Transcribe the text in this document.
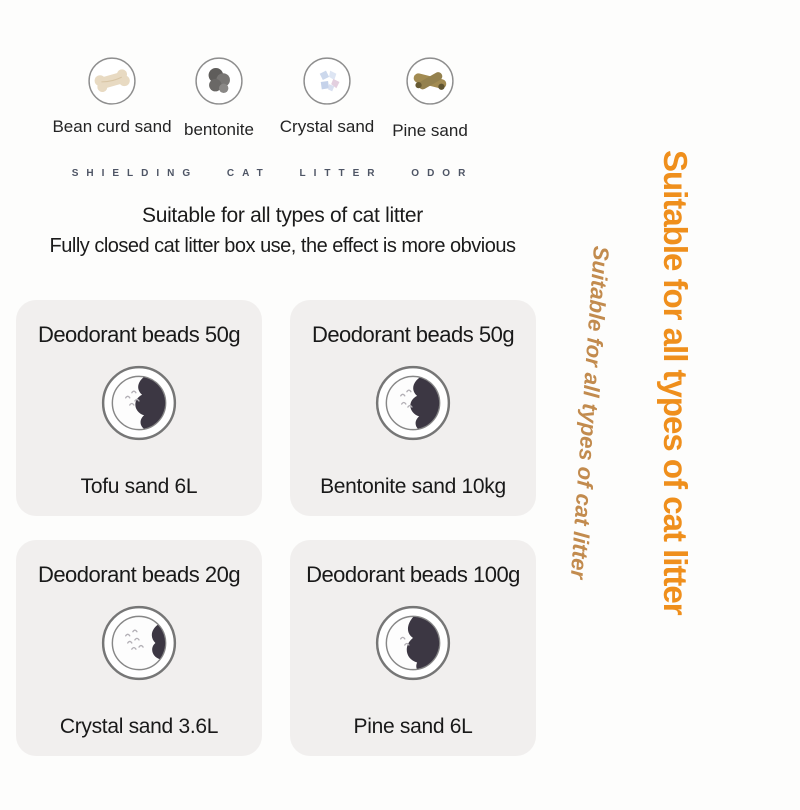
Bean curd sand bentonite Crystal sand Pine sand
SHIELDING CAT LITTER ODOR
Suitable for all types of cat litter
Fully closed cat litter box use, the effect is more obvious
Deodorant beads 50g
Tofu sand 6L
Deodorant beads 50g
Bentonite sand 10kg
Deodorant beads 20g
Crystal sand 3.6L
Deodorant beads 100g
Pine sand 6L
Suitable for all types of cat litter Suitable for all types of cat litter
